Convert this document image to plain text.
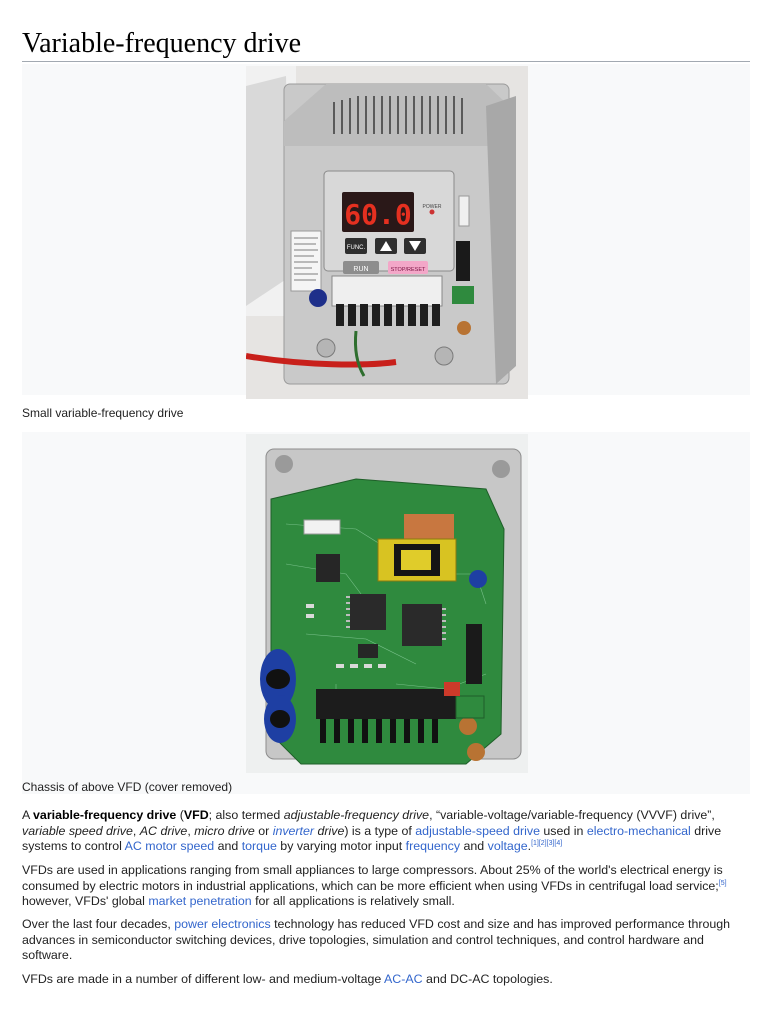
Variable-frequency drive
60.0 POWER
FUNC.
RUN	STOP/RESET
Small variable-frequency drive
Chassis of above VFD (cover removed)

A variable-frequency drive (VFD; also termed adjustable-frequency drive, “variable-voltage/variable-frequency (VVVF) drive”, variable speed drive, AC drive, micro drive or inverter drive) is a type of adjustable-speed drive used in electro-mechanical drive systems to control AC motor speed and torque by varying motor input frequency and voltage.[1][2][3][4]

VFDs are used in applications ranging from small appliances to large compressors. About 25% of the world's electrical energy is consumed by electric motors in industrial applications, which can be more efficient when using VFDs in centrifugal load service;[5] however, VFDs' global market penetration for all applications is relatively small.

Over the last four decades, power electronics technology has reduced VFD cost and size and has improved performance through advances in semiconductor switching devices, drive topologies, simulation and control techniques, and control hardware and software.

VFDs are made in a number of different low- and medium-voltage AC-AC and DC-AC topologies.
